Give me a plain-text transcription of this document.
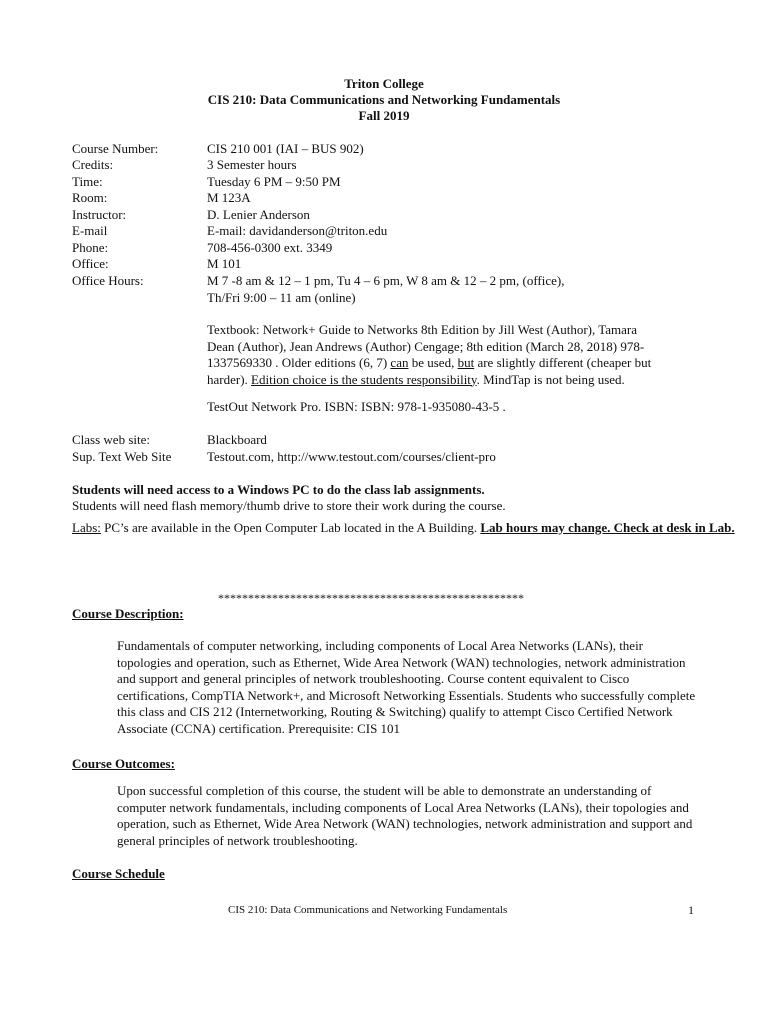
Triton College
CIS 210: Data Communications and Networking Fundamentals
Fall 2019
Course Number:	CIS 210 001 (IAI – BUS 902)
Credits:	3 Semester hours
Time:	Tuesday 6 PM – 9:50 PM
Room:	M 123A
Instructor:	D. Lenier Anderson
E-mail	E-mail: davidanderson@triton.edu
Phone:	708-456-0300 ext. 3349
Office:	M 101
Office Hours:	M 7 -8 am & 12 – 1 pm, Tu 4 – 6 pm, W 8 am & 12 – 2 pm, (office),
Th/Fri 9:00 – 11 am (online)
Textbook: Network+ Guide to Networks 8th Edition by Jill West (Author), Tamara Dean (Author), Jean Andrews (Author) Cengage; 8th edition (March 28, 2018) 978-1337569330 . Older editions (6, 7) can be used, but are slightly different (cheaper but harder). Edition choice is the students responsibility. MindTap is not being used.
TestOut Network Pro. ISBN: ISBN: 978-1-935080-43-5 .
Class web site:	Blackboard
Sup. Text Web Site	Testout.com, http://www.testout.com/courses/client-pro
Students will need access to a Windows PC to do the class lab assignments.
Students will need flash memory/thumb drive to store their work during the course.
Labs: PC’s are available in the Open Computer Lab located in the A Building. Lab hours may change. Check at desk in Lab.
***************************************************
Course Description:
Fundamentals of computer networking, including components of Local Area Networks (LANs), their topologies and operation, such as Ethernet, Wide Area Network (WAN) technologies, network administration and support and general principles of network troubleshooting. Course content equivalent to Cisco certifications, CompTIA Network+, and Microsoft Networking Essentials. Students who successfully complete this class and CIS 212 (Internetworking, Routing & Switching) qualify to attempt Cisco Certified Network Associate (CCNA) certification. Prerequisite: CIS 101
Course Outcomes:
Upon successful completion of this course, the student will be able to demonstrate an understanding of computer network fundamentals, including components of Local Area Networks (LANs), their topologies and operation, such as Ethernet, Wide Area Network (WAN) technologies, network administration and support and general principles of network troubleshooting.
Course Schedule
CIS 210: Data Communications and Networking Fundamentals	1
